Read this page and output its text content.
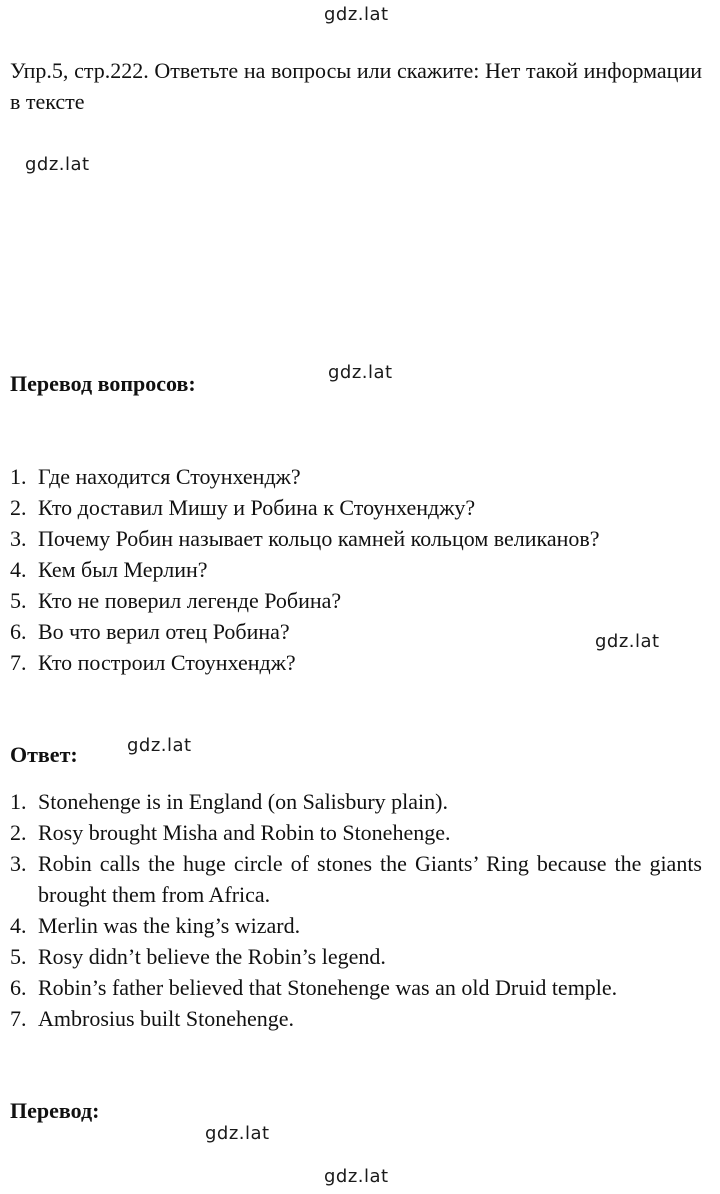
gdz.lat
gdz.lat
gdz.lat
gdz.lat
gdz.lat
gdz.lat
gdz.lat
Упр.5, стр.222. Ответьте на вопросы или скажите: Нет такой информации в тексте
Перевод вопросов:
1. Где находится Стоунхендж?
2. Кто доставил Мишу и Робина к Стоунхенджу?
3. Почему Робин называет кольцо камней кольцом великанов?
4. Кем был Мерлин?
5. Кто не поверил легенде Робина?
6. Во что верил отец Робина?
7. Кто построил Стоунхендж?
Ответ:
1. Stonehenge is in England (on Salisbury plain).
2. Rosy brought Misha and Robin to Stonehenge.
3. Robin calls the huge circle of stones the Giants’ Ring because the giants brought them from Africa.
4. Merlin was the king’s wizard.
5. Rosy didn’t believe the Robin’s legend.
6. Robin’s father believed that Stonehenge was an old Druid temple.
7. Ambrosius built Stonehenge.
Перевод:
